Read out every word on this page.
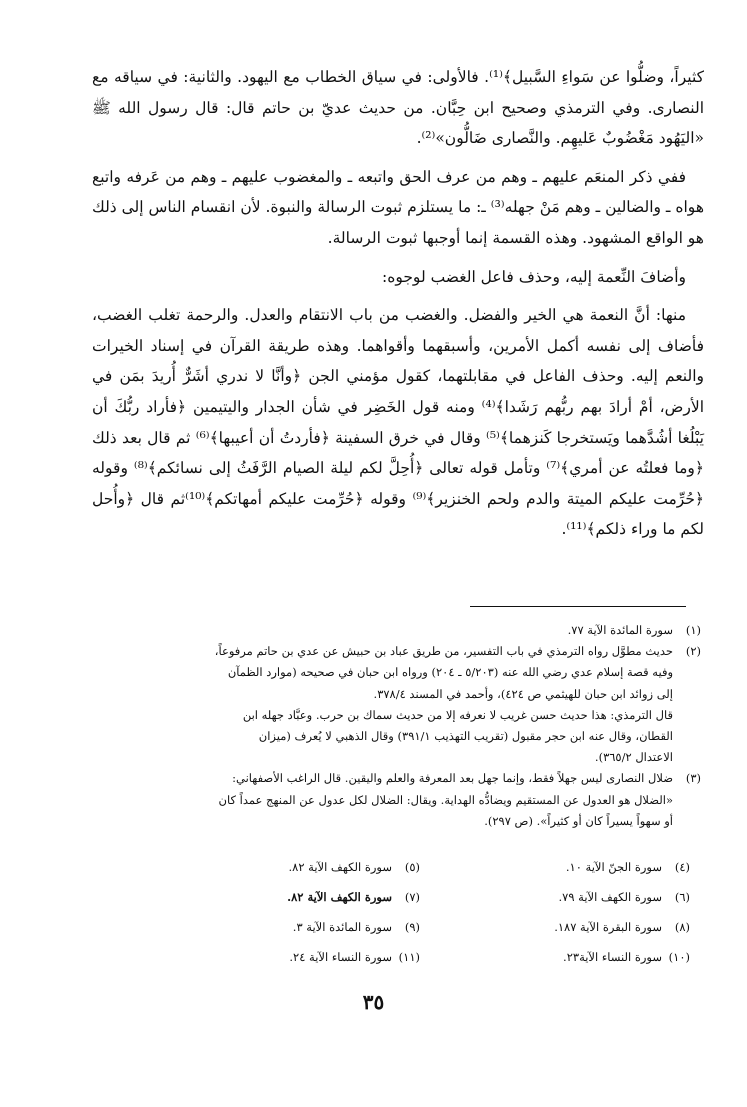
كثيراً، وضلُّوا عن سَواءِ السَّبيل﴾⁽¹⁾. فالأولى: في سياق الخطاب مع اليهود. والثانية: في سياقه مع النصارى. وفي الترمذي وصحيح ابن حِبَّان. من حديث عديّ بن حاتم قال: قال رسول الله ﷺ «اليَهُود مَغْضُوبٌ عَليهِم. والنَّصارى ضَالُّون»⁽²⁾.

ففي ذكر المنعَم عليهم ـ وهم من عرف الحق واتبعه ـ والمغضوب عليهم ـ وهم من عَرفه واتبع هواه ـ والضالين ـ وهم مَنْ جهله⁽³⁾ ـ: ما يستلزم ثبوت الرسالة والنبوة. لأن انقسام الناس إلى ذلك هو الواقع المشهود. وهذه القسمة إنما أوجبها ثبوت الرسالة.

وأضافَ النِّعمة إليه، وحذف فاعل الغضب لوجوه:

منها: أنَّ النعمة هي الخير والفضل. والغضب من باب الانتقام والعدل. والرحمة تغلب الغضب، فأضاف إلى نفسه أكمل الأمرين، وأسبقهما وأقواهما. وهذه طريقة القرآن في إسناد الخيرات والنعم إليه. وحذف الفاعل في مقابلتهما، كقول مؤمني الجن ﴿وأنَّا لا ندري أشَرٌّ أُريدَ بمَن في الأرض، أمْ أرادَ بهم ربُّهم رَشَدا﴾⁽⁴⁾ ومنه قول الخَضِر في شأن الجدار واليتيمين ﴿فأراد ربُّكَ أن يَبْلُغا أشُدَّهما ويَستخرجا كَنزهما﴾⁽⁵⁾ وقال في خرق السفينة ﴿فأردتُ أن أعيبها﴾⁽⁶⁾ ثم قال بعد ذلك ﴿وما فعلتُه عن أمري﴾⁽⁷⁾ وتأمل قوله تعالى ﴿أُحِلَّ لكم ليلة الصيام الرَّفَثُ إلى نسائكم﴾⁽⁸⁾ وقوله ﴿حُرِّمت عليكم الميتة والدم ولحم الخنزير﴾⁽⁹⁾ وقوله ﴿حُرِّمت عليكم أمهاتكم﴾⁽¹⁰⁾ثم قال ﴿وأُحل لكم ما وراء ذلكم﴾⁽¹¹⁾.

(١)
سورة المائدة الآية ٧٧.
(٢)
حديث مطوَّل رواه الترمذي في باب التفسير، من طريق عباد بن حبيش عن عدي بن حاتم مرفوعاً،
وفيه قصة إسلام عدي رضي الله عنه (٥/٢٠٣ ـ ٢٠٤) ورواه ابن حبان في صحيحه (موارد الظمآن
إلى زوائد ابن حبان للهيثمي ص ٤٢٤)، وأحمد في المسند ٣٧٨/٤.
قال الترمذي: هذا حديث حسن غريب لا نعرفه إلا من حديث سماك بن حرب. وعبَّاد جهله ابن
القطان، وقال عنه ابن حجر مقبول (تقريب التهذيب ٣٩١/١) وقال الذهبي لا يُعرف (ميزان
الاعتدال ٣٦٥/٢).
(٣)
ضلال النصارى ليس جهلاً فقط، وإنما جهل بعد المعرفة والعلم واليقين. قال الراغب الأصفهاني:
«الضلال هو العدول عن المستقيم ويضادُّه الهداية. ويقال: الضلال لكل عدول عن المنهج عمداً كان
أو سهواً يسيراً كان أو كثيراً». (ص ٢٩٧).
(٤)سورة الجنّ الآية ١٠.
(٥)سورة الكهف الآية ٨٢.
(٦)سورة الكهف الآية ٧٩.
(٧)سورة الكهف الآية ٨٢.
(٨)سورة البقرة الآية ١٨٧.
(٩)سورة المائدة الآية ٣.
(١٠)سورة النساء الآية٢٣.
(١١)سورة النساء الآية ٢٤.
٣٥
